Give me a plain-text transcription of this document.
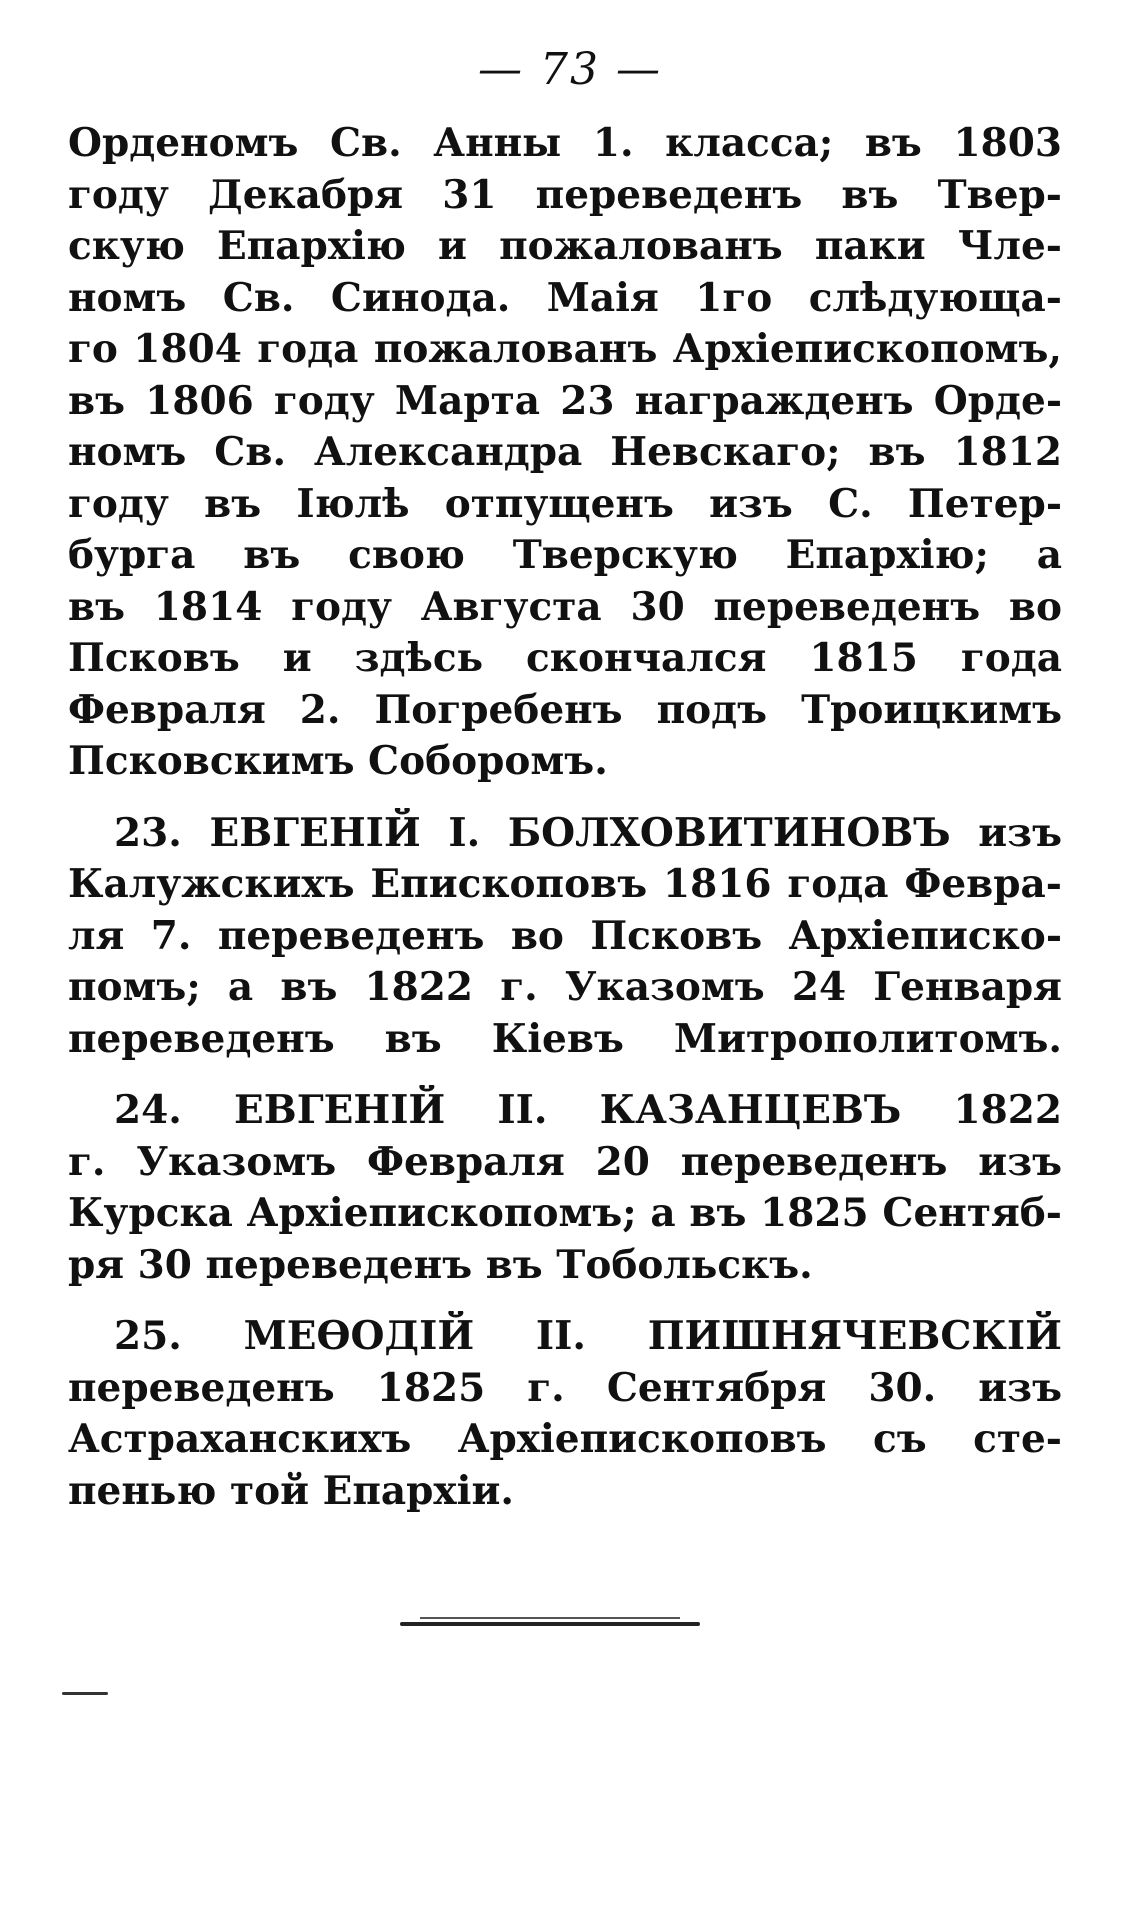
— 73 —
Орденомъ Св. Анны 1. класса; въ 1803
году Декабря 31 переведенъ въ Твер-
скую Епархію и пожалованъ паки Чле-
номъ Св. Синода. Маія 1го слѣдующа-
го 1804 года пожалованъ Архіепископомъ,
въ 1806 году Марта 23 награжденъ Орде-
номъ Св. Александра Невскаго; въ 1812
году въ Іюлѣ отпущенъ изъ С. Петер-
бурга въ свою Тверскую Епархію; а
въ 1814 году Августа 30 переведенъ во
Псковъ и здѣсь скончался 1815 года
Февраля 2. Погребенъ подъ Троицкимъ
Псковскимъ Соборомъ.
23. ЕВГЕНІЙ І. БОЛХОВИТИНОВЪ изъ
Калужскихъ Епископовъ 1816 года Февра-
ля 7. переведенъ во Псковъ Архіеписко-
помъ; а въ 1822 г. Указомъ 24 Генваря
переведенъ въ Кіевъ Митрополитомъ.
24. ЕВГЕНІЙ II. КАЗАНЦЕВЪ 1822
г. Указомъ Февраля 20 переведенъ изъ
Курска Архіепископомъ; а въ 1825 Сентяб-
ря 30 переведенъ въ Тобольскъ.
25. МЕѲОДІЙ II. ПИШНЯЧЕВСКІЙ
переведенъ 1825 г. Сентября 30. изъ
Астраханскихъ Архіепископовъ съ сте-
пенью той Епархіи.
